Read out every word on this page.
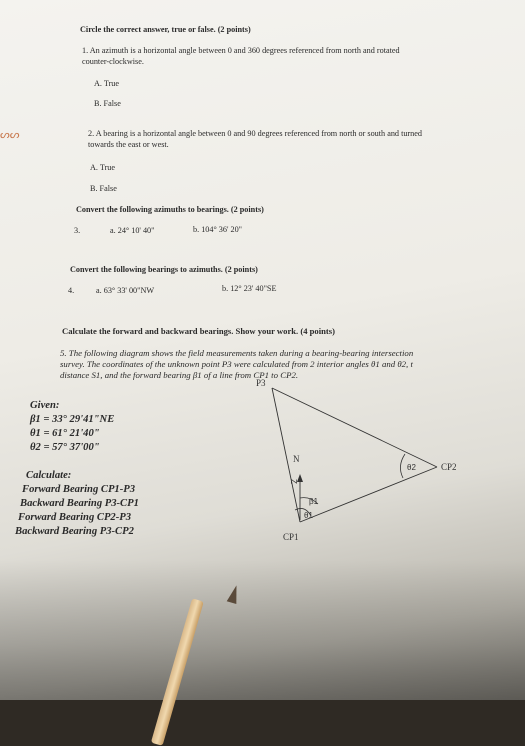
ᔕᔕ
Circle the correct answer, true or false. (2 points)
1. An azimuth is a horizontal angle between 0 and 360 degrees referenced from north and rotated
counter-clockwise.
A. True
B. False
2. A bearing is a horizontal angle between 0 and 90 degrees referenced from north or south and turned
towards the east or west.
A. True
B. False
Convert the following azimuths to bearings. (2 points)
3.	a. 24° 10' 40"	b. 104° 36' 20"
Convert the following bearings to azimuths. (2 points)
4.	a. 63° 33' 00"NW	b. 12° 23' 40"SE
Calculate the forward and backward bearings. Show your work. (4 points)
5. The following diagram shows the field measurements taken during a bearing-bearing intersection
survey. The coordinates of the unknown point P3 were calculated from 2 interior angles θ1 and θ2, t
distance S1, and the forward bearing β1 of a line from CP1 to CP2.
Given:
β1 = 33° 29'41"NE
θ1 = 61° 21'40"
θ2 = 57° 37'00"
Calculate:
Forward Bearing CP1-P3
Backward Bearing P3-CP1
Forward Bearing CP2-P3
Backward Bearing P3-CP2
P3
N
CP2
CP1
θ2
β1
θ1
Z
